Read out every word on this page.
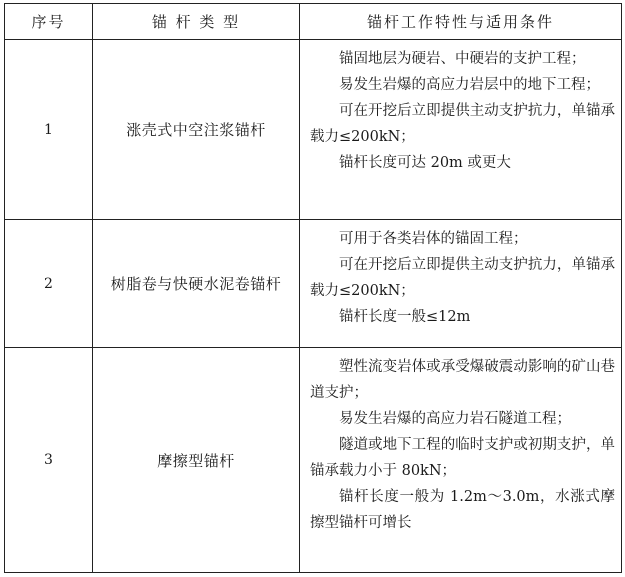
序号	锚 杆 类 型	锚杆工作特性与适用条件
1	涨壳式中空注浆锚杆	锚固地层为硬岩、中硬岩的支护工程；

易发生岩爆的高应力岩层中的地下工程；

可在开挖后立即提供主动支护抗力，单锚承载力≤200kN；

锚杆长度可达 20m 或更大

2	树脂卷与快硬水泥卷锚杆	可用于各类岩体的锚固工程；

可在开挖后立即提供主动支护抗力，单锚承载力≤200kN；

锚杆长度一般≤12m

3	摩擦型锚杆	塑性流变岩体或承受爆破震动影响的矿山巷道支护；

易发生岩爆的高应力岩石隧道工程；

隧道或地下工程的临时支护或初期支护，单锚承载力小于 80kN；

锚杆长度一般为 1.2m～3.0m，水涨式摩擦型锚杆可增长
